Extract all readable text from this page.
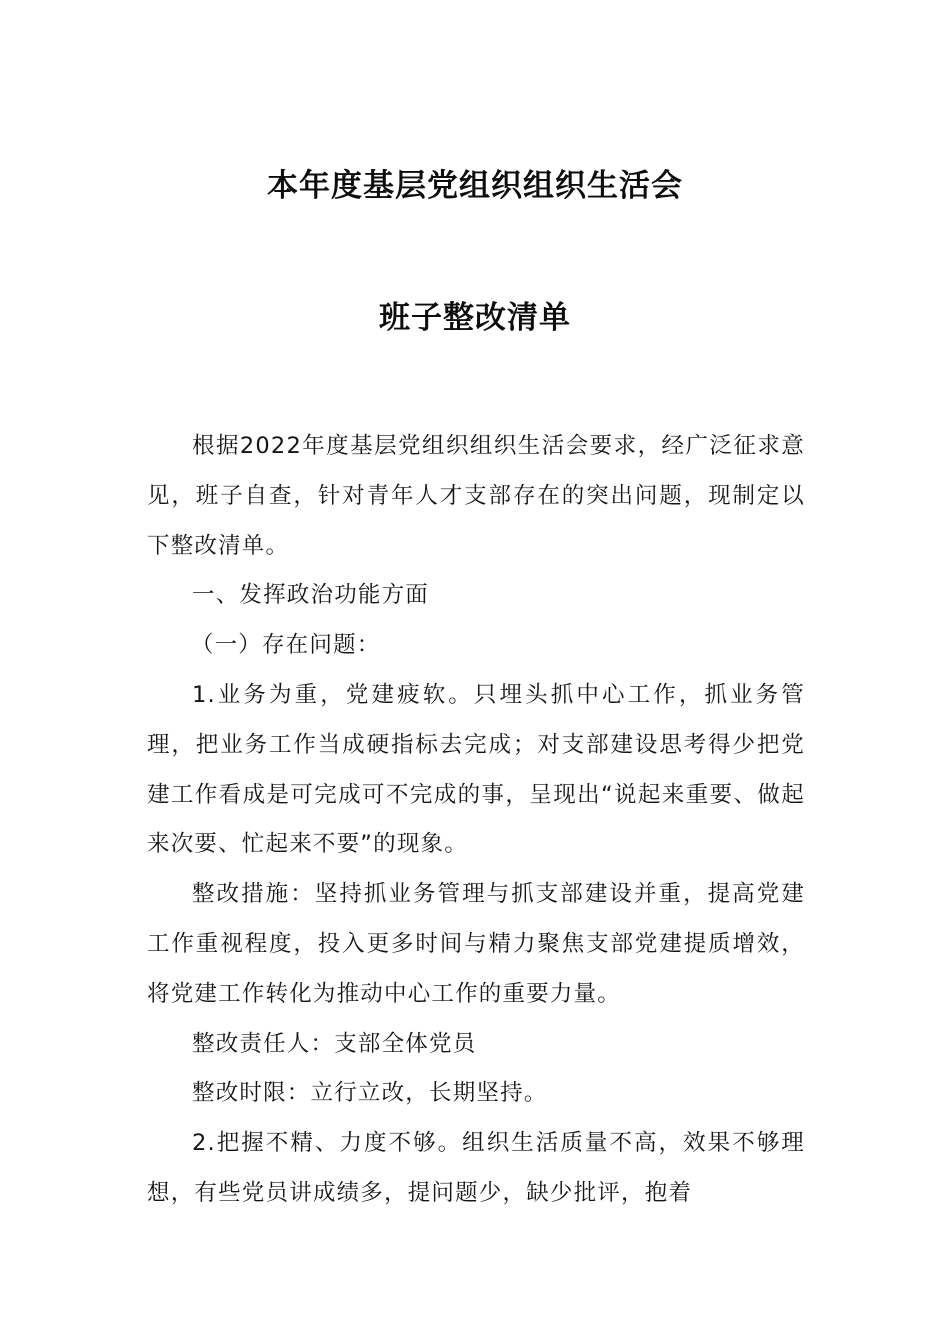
本年度基层党组织组织生活会
班子整改清单

根据2022年度基层党组织组织生活会要求，经广泛征求意见，班子自查，针对青年人才支部存在的突出问题，现制定以下整改清单。

一、发挥政治功能方面

（一）存在问题：

1.业务为重，党建疲软。只埋头抓中心工作，抓业务管理，把业务工作当成硬指标去完成；对支部建设思考得少把党建工作看成是可完成可不完成的事，呈现出“说起来重要、做起来次要、忙起来不要”的现象。

整改措施：坚持抓业务管理与抓支部建设并重，提高党建工作重视程度，投入更多时间与精力聚焦支部党建提质增效，将党建工作转化为推动中心工作的重要力量。

整改责任人：支部全体党员

整改时限：立行立改，长期坚持。

2.把握不精、力度不够。组织生活质量不高，效果不够理想，有些党员讲成绩多，提问题少，缺少批评，抱着
